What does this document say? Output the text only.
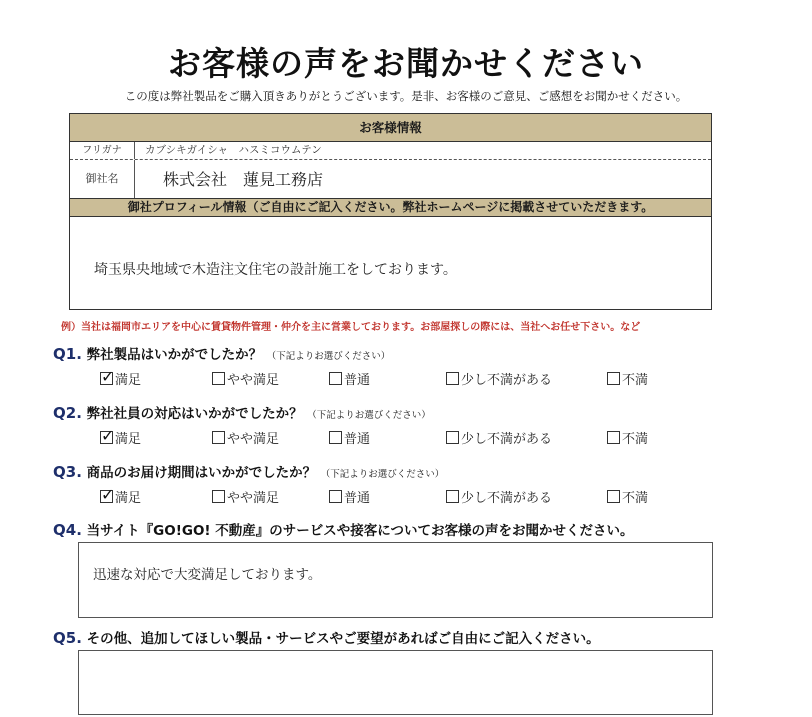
お客様の声をお聞かせください
この度は弊社製品をご購入頂きありがとうございます。是非、お客様のご意見、ご感想をお聞かせください。
お客様情報
フリガナ	カブシキガイシャ　ハスミコウムテン
御社名	株式会社　蓮見工務店
御社プロフィール情報（ご自由にご記入ください。弊社ホームページに掲載させていただきます。
埼玉県央地域で木造注文住宅の設計施工をしております。
例）当社は福岡市エリアを中心に賃貸物件管理・仲介を主に営業しております。お部屋探しの際には、当社へお任せ下さい。など
Q1. 弊社製品はいかがでしたか？ （下記よりお選びください）
✓
満足	やや満足	普通	少し不満がある	不満
Q2. 弊社社員の対応はいかがでしたか？ （下記よりお選びください）
✓
満足	やや満足	普通	少し不満がある	不満
Q3. 商品のお届け期間はいかがでしたか？ （下記よりお選びください）
✓
満足	やや満足	普通	少し不満がある	不満
Q4. 当サイト『GO!GO! 不動産』のサービスや接客についてお客様の声をお聞かせください。
迅速な対応で大変満足しております。
Q5. その他、追加してほしい製品・サービスやご要望があればご自由にご記入ください。
